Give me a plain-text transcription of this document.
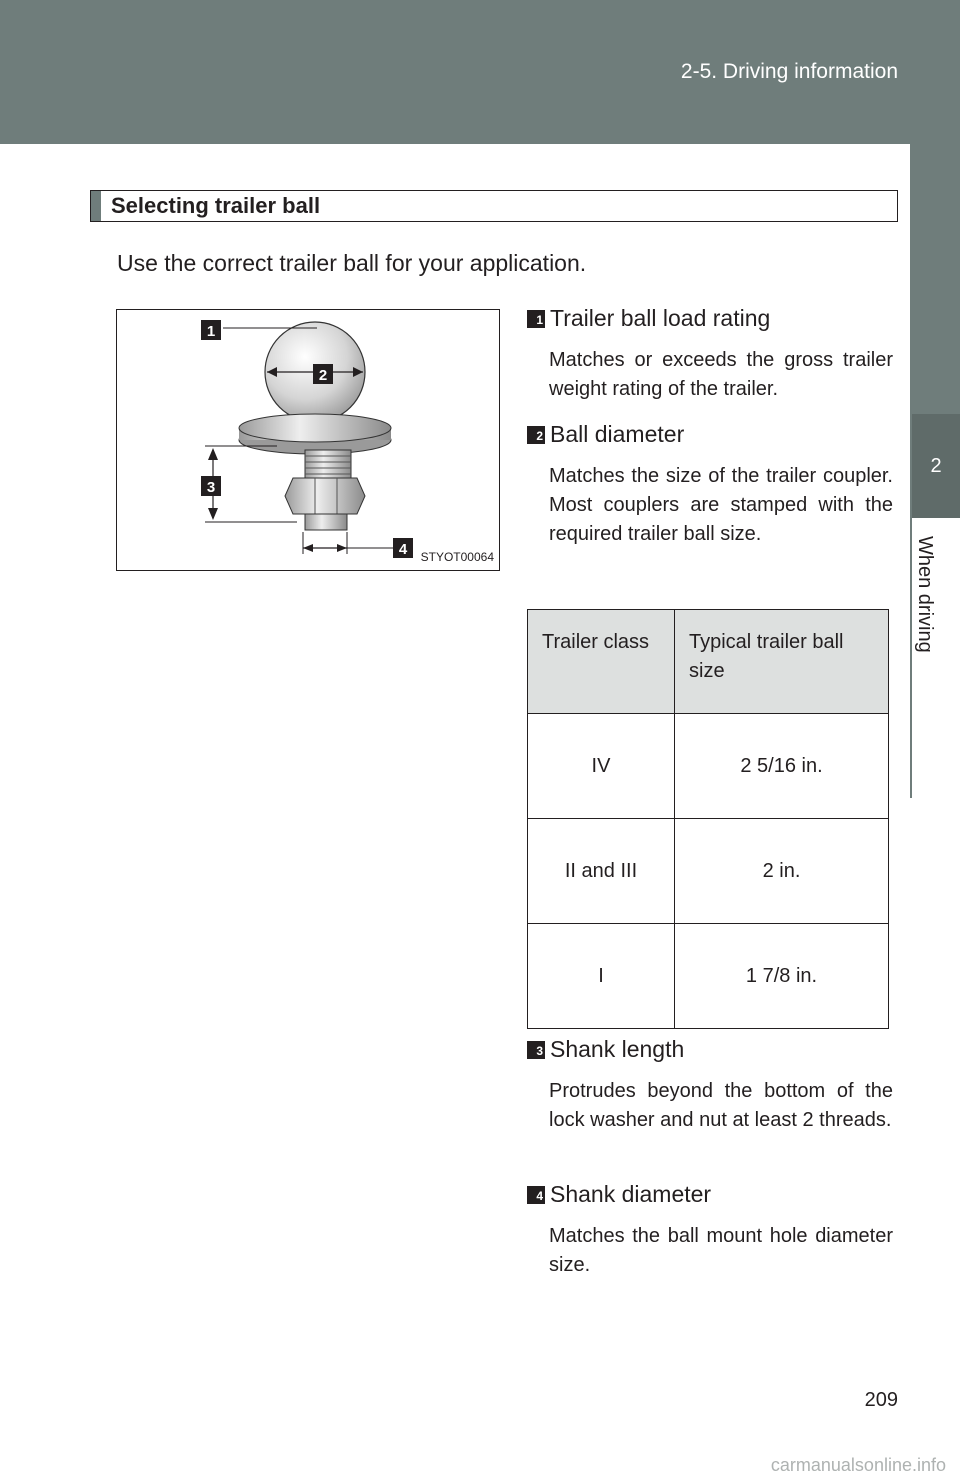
2-5. Driving information
2
When driving
Selecting trailer ball
Use the correct trailer ball for your application.
1
2
3
4 STYOT00064
1 Trailer ball load rating
Matches or exceeds the gross trailer weight rating of the trailer.
2 Ball diameter
Matches the size of the trailer coupler. Most couplers are stamped with the required trailer ball size.
Trailer class	Typical trailer ball size
IV	2 5/16 in.
II and III	2 in.
I	1 7/8 in.
3 Shank length
Protrudes beyond the bottom of the lock washer and nut at least 2 threads.
4 Shank diameter
Matches the ball mount hole diameter size.
209
carmanualsonline.info
